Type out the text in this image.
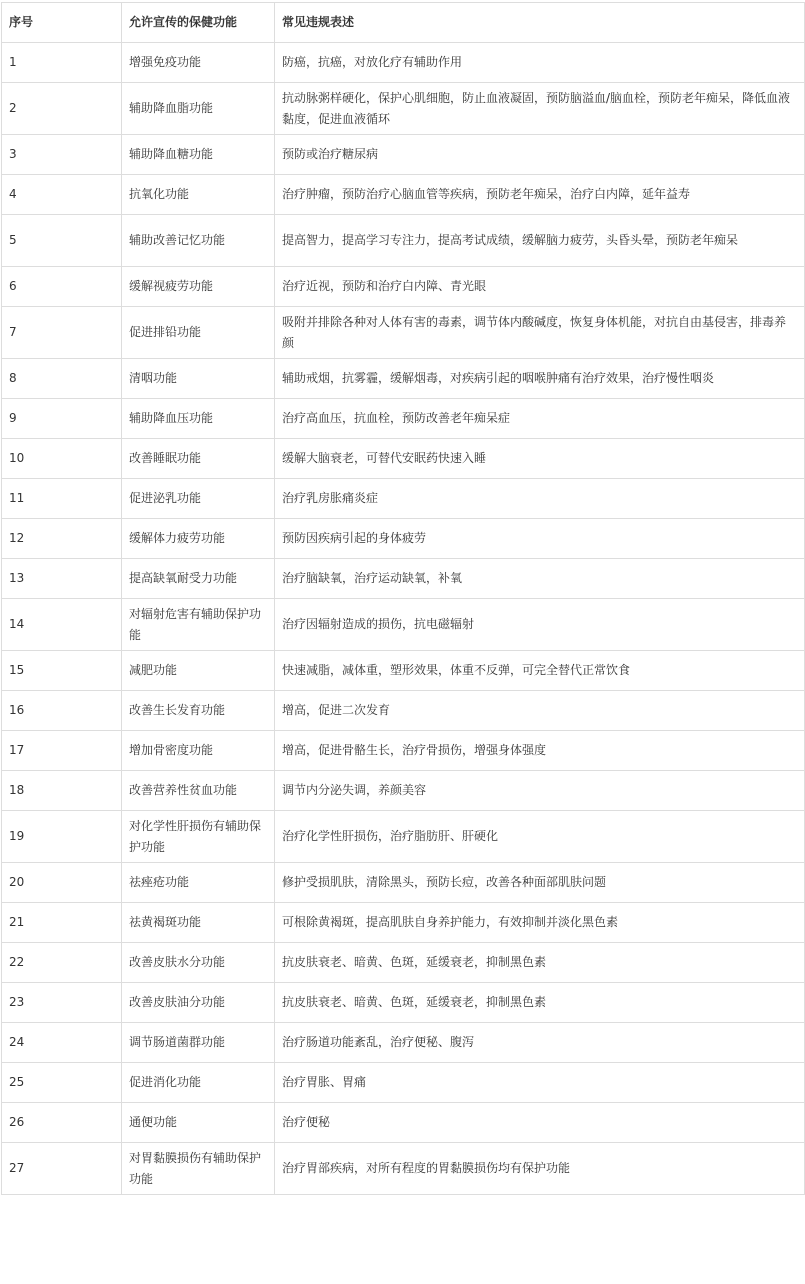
序号	允许宣传的保健功能	常见违规表述
1	增强免疫功能	防癌，抗癌，对放化疗有辅助作用
2	辅助降血脂功能	抗动脉粥样硬化，保护心肌细胞，防止血液凝固，预防脑溢血/脑血栓，预防老年痴呆，降低血液黏度，促进血液循环
3	辅助降血糖功能	预防或治疗糖尿病
4	抗氧化功能	治疗肿瘤，预防治疗心脑血管等疾病，预防老年痴呆，治疗白内障，延年益寿
5	辅助改善记忆功能	提高智力，提高学习专注力，提高考试成绩，缓解脑力疲劳，头昏头晕，预防老年痴呆
6	缓解视疲劳功能	治疗近视，预防和治疗白内障、青光眼
7	促进排铅功能	吸附并排除各种对人体有害的毒素，调节体内酸碱度，恢复身体机能，对抗自由基侵害，排毒养颜
8	清咽功能	辅助戒烟，抗雾霾，缓解烟毒，对疾病引起的咽喉肿痛有治疗效果，治疗慢性咽炎
9	辅助降血压功能	治疗高血压，抗血栓，预防改善老年痴呆症
10	改善睡眠功能	缓解大脑衰老，可替代安眠药快速入睡
11	促进泌乳功能	治疗乳房胀痛炎症
12	缓解体力疲劳功能	预防因疾病引起的身体疲劳
13	提高缺氧耐受力功能	治疗脑缺氧，治疗运动缺氧，补氧
14	对辐射危害有辅助保护功能	治疗因辐射造成的损伤，抗电磁辐射
15	减肥功能	快速减脂，减体重，塑形效果，体重不反弹，可完全替代正常饮食
16	改善生长发育功能	增高，促进二次发育
17	增加骨密度功能	增高，促进骨骼生长，治疗骨损伤，增强身体强度
18	改善营养性贫血功能	调节内分泌失调，养颜美容
19	对化学性肝损伤有辅助保护功能	治疗化学性肝损伤，治疗脂肪肝、肝硬化
20	祛痤疮功能	修护受损肌肤，清除黑头，预防长痘，改善各种面部肌肤问题
21	祛黄褐斑功能	可根除黄褐斑，提高肌肤自身养护能力，有效抑制并淡化黑色素
22	改善皮肤水分功能	抗皮肤衰老、暗黄、色斑，延缓衰老，抑制黑色素
23	改善皮肤油分功能	抗皮肤衰老、暗黄、色斑，延缓衰老，抑制黑色素
24	调节肠道菌群功能	治疗肠道功能紊乱，治疗便秘、腹泻
25	促进消化功能	治疗胃胀、胃痛
26	通便功能	治疗便秘
27	对胃黏膜损伤有辅助保护功能	治疗胃部疾病，对所有程度的胃黏膜损伤均有保护功能
